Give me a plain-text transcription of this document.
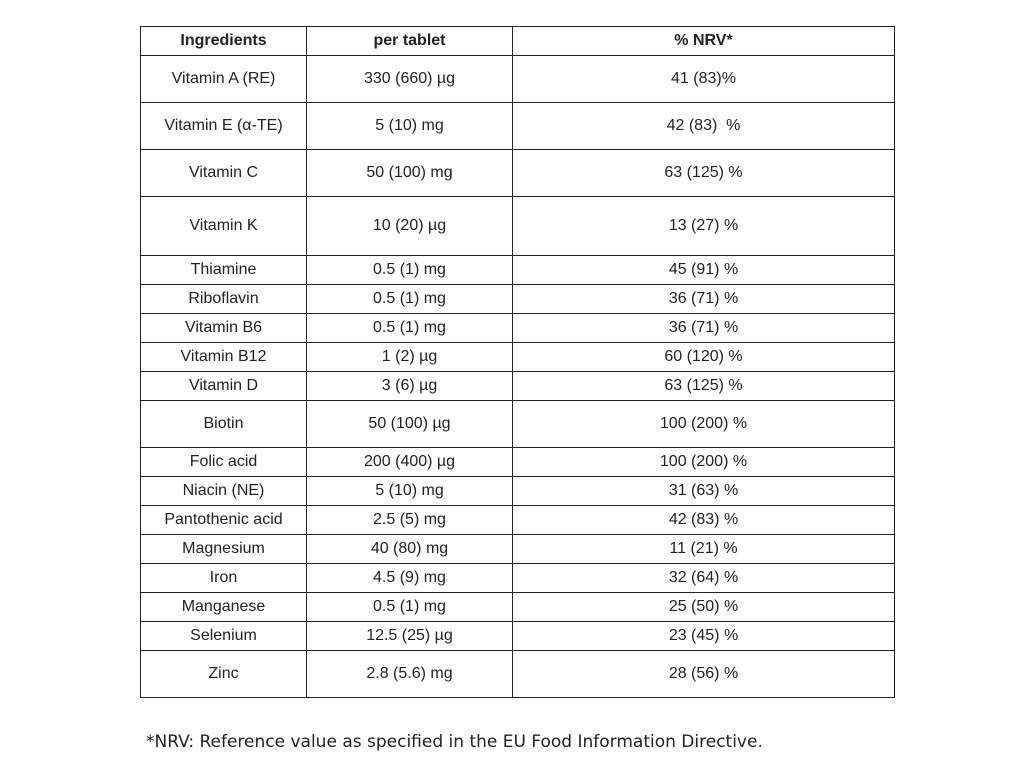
Ingredients	per tablet	% NRV*
Vitamin A (RE)	330 (660) µg	41 (83)%
Vitamin E (α-TE)	5 (10) mg	42 (83)  %
Vitamin C	50 (100) mg	63 (125) %
Vitamin K	10 (20) µg	13 (27) %
Thiamine	0.5 (1) mg	45 (91) %
Riboflavin	0.5 (1) mg	36 (71) %
Vitamin B6	0.5 (1) mg	36 (71) %
Vitamin B12	1 (2) µg	60 (120) %
Vitamin D	3 (6) µg	63 (125) %
Biotin	50 (100) µg	100 (200) %
Folic acid	200 (400) µg	100 (200) %
Niacin (NE)	5 (10) mg	31 (63) %
Pantothenic acid	2.5 (5) mg	42 (83) %
Magnesium	40 (80) mg	11 (21) %
Iron	4.5 (9) mg	32 (64) %
Manganese	0.5 (1) mg	25 (50) %
Selenium	12.5 (25) µg	23 (45) %
Zinc	2.8 (5.6) mg	28 (56) %
*NRV: Reference value as specified in the EU Food Information Directive.
